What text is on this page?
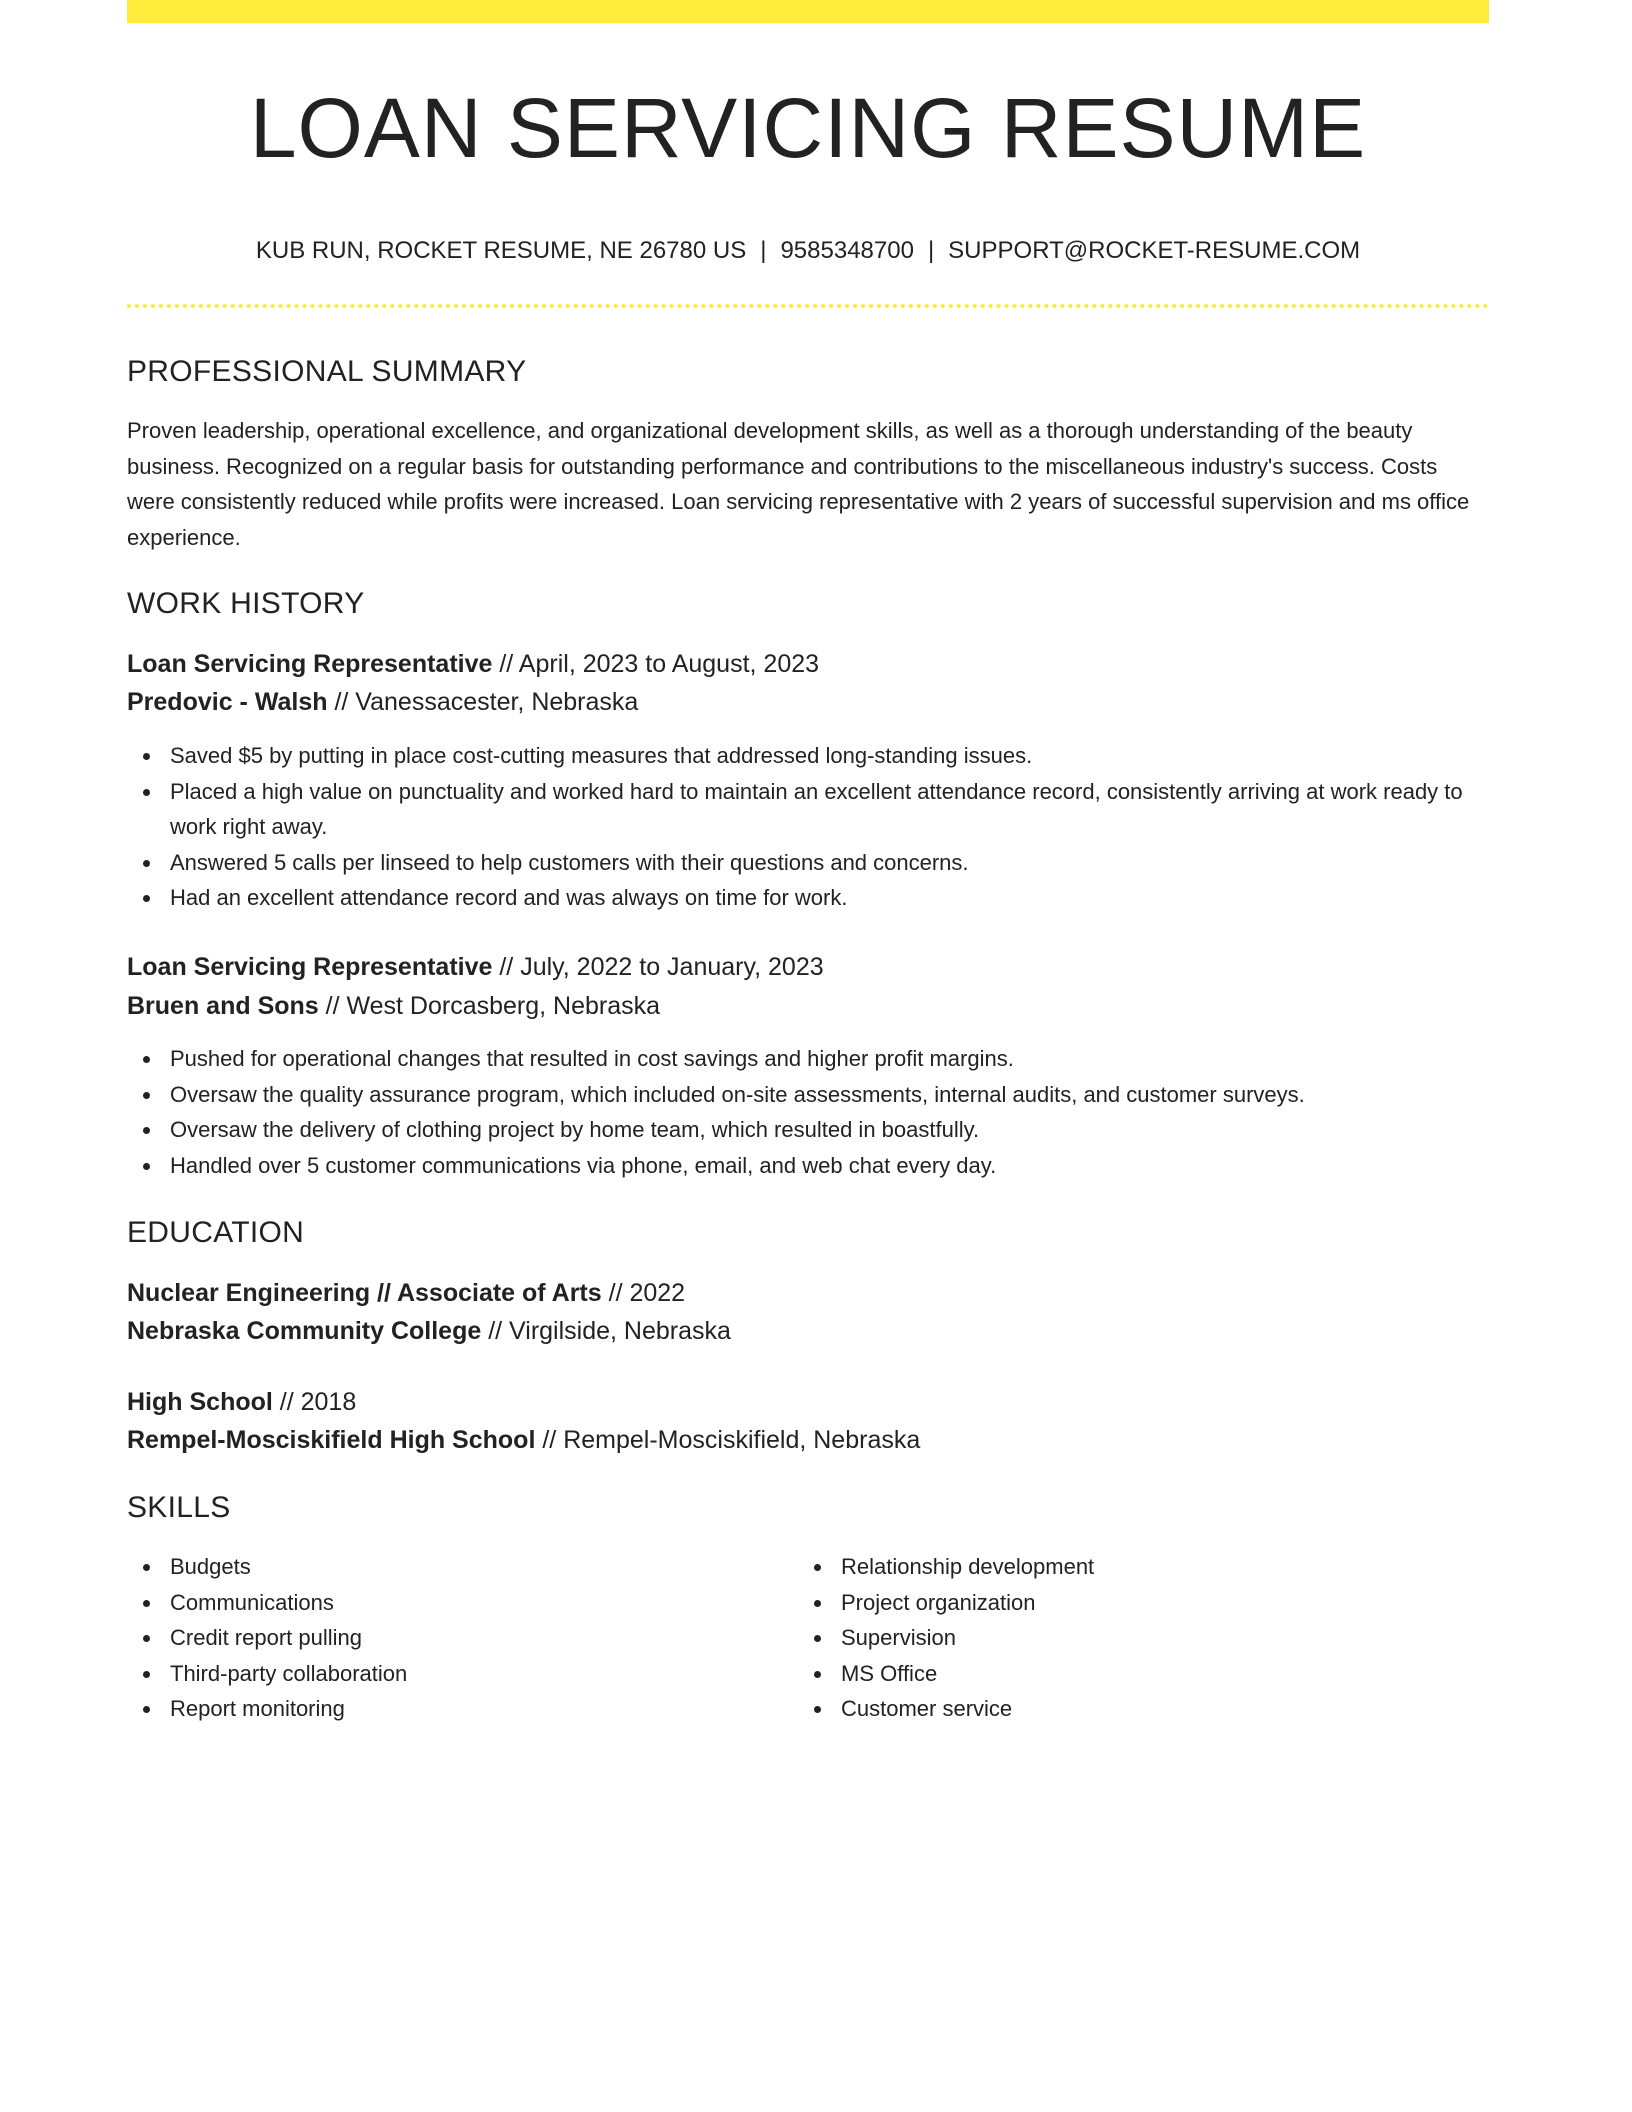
LOAN SERVICING RESUME
KUB RUN, ROCKET RESUME, NE 26780 US | 9585348700 | SUPPORT@ROCKET-RESUME.COM
PROFESSIONAL SUMMARY
Proven leadership, operational excellence, and organizational development skills, as well as a thorough understanding of the beauty business. Recognized on a regular basis for outstanding performance and contributions to the miscellaneous industry's success. Costs were consistently reduced while profits were increased. Loan servicing representative with 2 years of successful supervision and ms office experience.
WORK HISTORY
Loan Servicing Representative // April, 2023 to August, 2023
Predovic - Walsh // Vanessacester, Nebraska
Saved $5 by putting in place cost-cutting measures that addressed long-standing issues.
Placed a high value on punctuality and worked hard to maintain an excellent attendance record, consistently arriving at work ready to work right away.
Answered 5 calls per linseed to help customers with their questions and concerns.
Had an excellent attendance record and was always on time for work.
Loan Servicing Representative // July, 2022 to January, 2023
Bruen and Sons // West Dorcasberg, Nebraska
Pushed for operational changes that resulted in cost savings and higher profit margins.
Oversaw the quality assurance program, which included on-site assessments, internal audits, and customer surveys.
Oversaw the delivery of clothing project by home team, which resulted in boastfully.
Handled over 5 customer communications via phone, email, and web chat every day.
EDUCATION
Nuclear Engineering // Associate of Arts // 2022
Nebraska Community College // Virgilside, Nebraska
High School // 2018
Rempel-Mosciskifield High School // Rempel-Mosciskifield, Nebraska
SKILLS
Budgets
Communications
Credit report pulling
Third-party collaboration
Report monitoring
Relationship development
Project organization
Supervision
MS Office
Customer service
